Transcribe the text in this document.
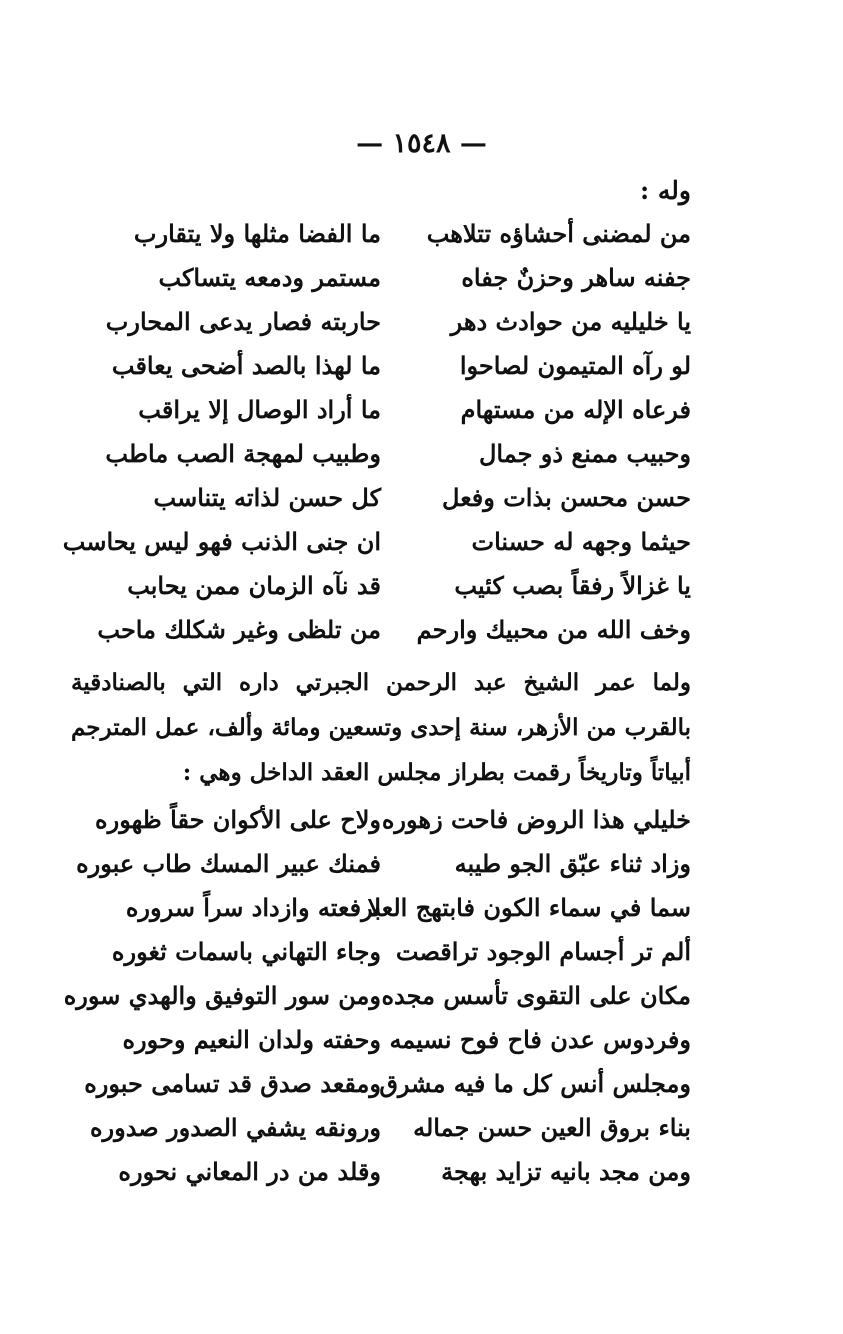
— ١٥٤٨ —
وله :
من لمضنى أحشاؤه تتلاهب
ما الفضا مثلها ولا يتقارب
جفنه ساهر وحزنٌ جفاه
مستمر ودمعه يتساكب
يا خليليه من حوادث دهر
حاربته فصار يدعى المحارب
لو رآه المتيمون لصاحوا
ما لهذا بالصد أضحى يعاقب
فرعاه الإله من مستهام
ما أراد الوصال إلا يراقب
وحبيب ممنع ذو جمال
وطبيب لمهجة الصب ماطب
حسن محسن بذات وفعل
كل حسن لذاته يتناسب
حيثما وجهه له حسنات
ان جنى الذنب فهو ليس يحاسب
يا غزالاً رفقاً بصب كئيب
قد نآه الزمان ممن يحابب
وخف الله من محبيك وارحم
من تلظى وغير شكلك ماحب
ولما عمر الشيخ عبد الرحمن الجبرتي داره التي بالصنادقية بالقرب من الأزهر، سنة إحدى وتسعين ومائة وألف، عمل المترجم أبياتاً وتاريخاً رقمت بطراز مجلس العقد الداخل وهي :
خليلي هذا الروض فاحت زهوره
ولاح على الأكوان حقاً ظهوره
وزاد ثناء عبّق الجو طيبه
فمنك عبير المسك طاب عبوره
سما في سماء الكون فابتهج العلا
برفعته وازداد سراً سروره
ألم تر أجسام الوجود تراقصت
وجاء التهاني باسمات ثغوره
مكان على التقوى تأسس مجده
ومن سور التوفيق والهدي سوره
وفردوس عدن فاح فوح نسيمه
وحفته ولدان النعيم وحوره
ومجلس أنس كل ما فيه مشرق
ومقعد صدق قد تسامى حبوره
بناء بروق العين حسن جماله
ورونقه يشفي الصدور صدوره
ومن مجد بانيه تزايد بهجة
وقلد من در المعاني نحوره
